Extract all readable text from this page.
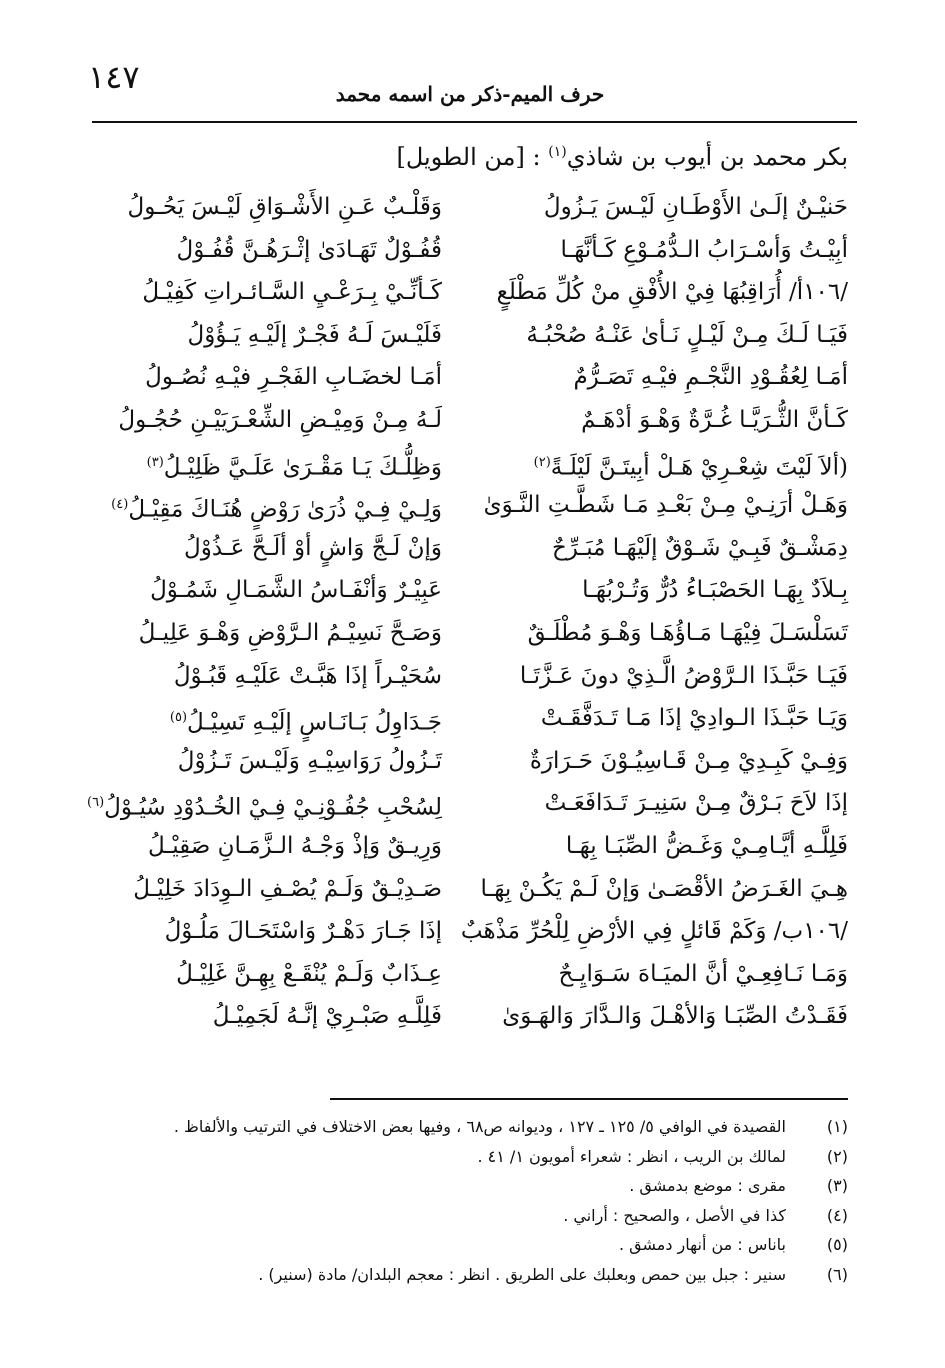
١٤٧	حرف الميم-ذكر من اسمه محمد
بكر محمد بن أيوب بن شاذي$^{(١)}$ : [من الطويل]
حَنيْـنٌ إلَـىٰ الأَوْطَـانِ لَيْـسَ يَـزُولُ
وَقَلْـبٌ عَـنِ الأَشْـوَاقِ لَيْـسَ يَحُـولُ
أبِيْـتُ وَأسْـرَابُ الـدُّمُـوْعِ كَـأنَّهَـا
قُفُـوْلٌ تَهَـادَىٰ إثْـرَهُـنَّ قُفُـوْلُ
/١٠٦أ/ أُرَاقِبُهَا فِيْ الأُفْقِ منْ كُلِّ مَطْلَعٍ
كَـأنِّـيْ بِـرَعْـيِ السَّـائـراتِ كَفِيْـلُ
فَيَـا لَـكَ مِـنْ لَيْـلٍ نَـأىٰ عَنْـهُ صُحْبُـهُ
فَلَيْـسَ لَـهُ فَجْـرٌ إلَيْـهِ يَـؤُوْلُ
أمَـا لِعُقُـوْدِ النَّجْـمِ فيْـهِ تَصَـرُّمٌ
أمَـا لخضَـابِ الفَجْـرِ فيْـهِ نُصُـولُ
كَـأنَّ الثُّـرَيَّـا غُـرَّةٌ وَهْـوَ أدْهَـمٌ
لَـهُ مِـنْ وَمِيْـضِ الشِّعْـرَيَيْـنِ حُجُـولُ
(ألاَ لَيْتَ شِعْـرِيْ هَـلْ أبِيتَـنَّ لَيْلَـةً$^{(٢)}$
وَظِلُّـكَ يَـا مَقْـرَىٰ عَلَـيَّ ظَلِيْـلُ$^{(٣)}$
وَهَـلْ أرَنِـيْ مِـنْ بَعْـدِ مَـا شَطَّـتِ النَّـوَىٰ
وَلِـيْ فِـيْ ذُرَىٰ رَوْضٍ هُنَـاكَ مَقِيْـلُ$^{(٤)}$
دِمَشْـقٌ فَبِـيْ شَـوْقٌ إلَيْهَـا مُبَـرِّحٌ
وَإنْ لَـجَّ وَاشٍ أوْ ألَـحَّ عَـذُوْلُ
بِـلاَدٌ بِهَـا الحَصْبَـاءُ دُرٌّ وَتُـرْبُهَـا
عَبِيْـرٌ وَأنْفَـاسُ الشَّمَـالِ شَمُـوْلُ
تَسَلْسَـلَ فِيْهَـا مَـاؤُهَـا وَهْـوَ مُطْلَـقٌ
وَصَـحَّ نَسِيْـمُ الـرَّوْضِ وَهْـوَ عَلِيـلُ
فَيَـا حَبَّـذَا الـرَّوْضُ الَّـذِيْ دونَ عَـزَّتَـا
سُحَيْـراً إذَا هَبَّـتْ عَلَيْـهِ قَبُـوْلُ
وَيَـا حَبَّـذَا الـوادِيْ إذَا مَـا تَـدَفَّقَـتْ
جَـدَاوِلُ بَـانَـاسٍ إلَيْـهِ تَسِيْـلُ$^{(٥)}$
وَفِـيْ كَبِـدِيْ مِـنْ قَـاسِيُـوْنَ حَـرَارَةٌ
تَـزُولُ رَوَاسِيْـهِ وَلَيْـسَ تَـزُوْلُ
إذَا لاَحَ بَـرْقٌ مِـنْ سَنِيـرَ تَـدَافَعَـتْ
لِسُحْبِ جُفُـوْنِـيْ فِـيْ الخُـدُوْدِ سُيُـوْلُ$^{(٦)}$
فَلِلَّـهِ أيَّـامِـيْ وَغَـضُّ الصِّبَـا بِهَـا
وَرِيـقٌ وَإذْ وَجْـهُ الـزَّمَـانِ صَقِيْـلُ
هِـيَ الغَـرَضُ الأقْصَـىٰ وَإنْ لَـمْ يَكُـنْ بِهَـا
صَـدِيْـقٌ وَلَـمْ يُصْـفِ الـوِدَادَ خَلِيْـلُ
/١٠٦ب/ وَكَمْ قَائلٍ فِي الأرْضِ لِلْحُرِّ مَذْهَبٌ
إذَا جَـارَ دَهْـرٌ وَاسْتَحَـالَ مَلُـوْلُ
وَمَـا نَـافِعِـيْ أنَّ الميَـاهَ سَـوَايِـحٌ
عِـذَابٌ وَلَـمْ يُنْقَـعْ بِهِـنَّ غَلِيْـلُ
فَقَـدْتُ الصِّبَـا وَالأهْـلَ وَالـدَّارَ وَالهَـوَىٰ
فَلِلَّـهِ صَبْـرِيْ إنَّـهُ لَجَمِيْـلُ
(١)القصيدة في الوافي ٥/ ١٢٥ ـ ١٢٧ ، وديوانه ص٦٨ ، وفيها بعض الاختلاف في الترتيب والألفاظ .
(٢)لمالك بن الريب ، انظر : شعراء أمويون ١/ ٤١ .
(٣)مقرى : موضع بدمشق .
(٤)كذا في الأصل ، والصحيح : أراني .
(٥)باناس : من أنهار دمشق .
(٦)سنير : جبل بين حمص وبعلبك على الطريق . انظر : معجم البلدان/ مادة (سنير) .
